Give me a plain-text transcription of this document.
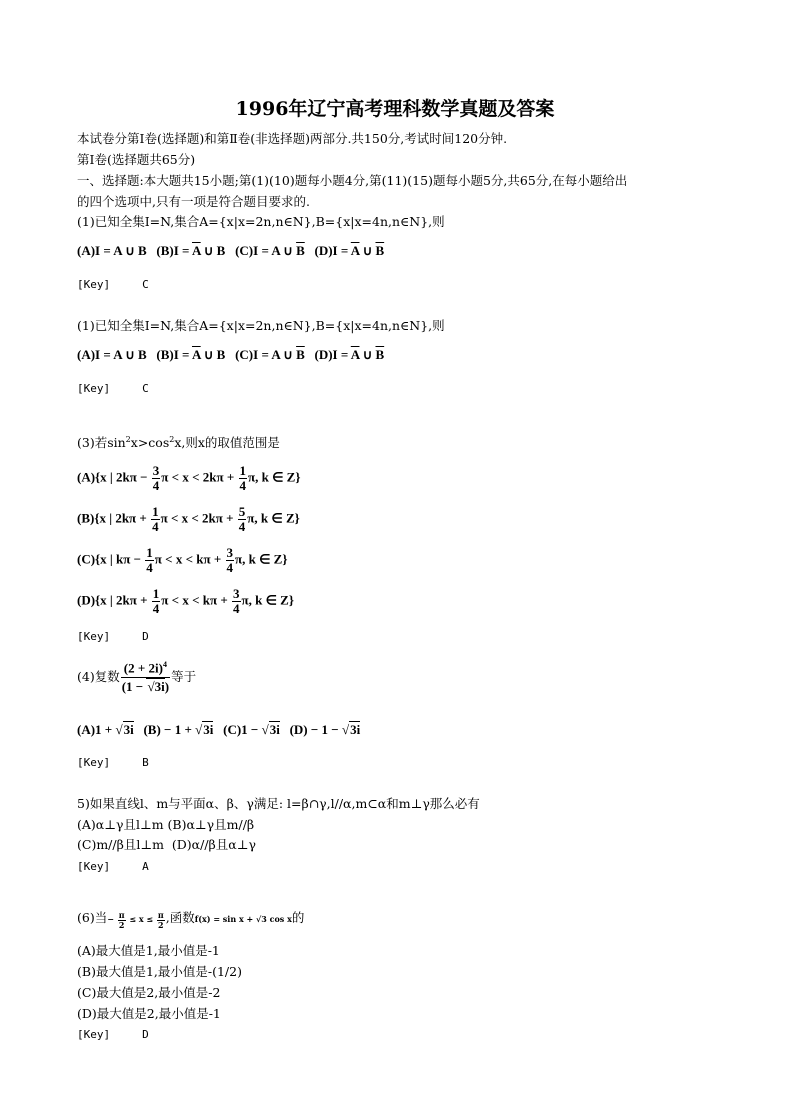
1996年辽宁高考理科数学真题及答案
本试卷分第Ⅰ卷(选择题)和第Ⅱ卷(非选择题)两部分.共150分,考试时间120分钟.
第Ⅰ卷(选择题共65分)
一、选择题:本大题共15小题;第(1)(10)题每小题4分,第(11)(15)题每小题5分,共65分,在每小题给出
的四个选项中,只有一项是符合题目要求的.
(1)已知全集I=N,集合A={x|x=2n,n∈N},B={x|x=4n,n∈N},则
(A)I = A ∪ B   $(B)I = \overline{A}$ ∪ B   (C)I = A ∪ $\overline{B}$   $(D)I = \overline{A}$ ∪ $\overline{B}$
[Key]	C
(1)已知全集I=N,集合A={x|x=2n,n∈N},B={x|x=4n,n∈N},则
(A)I = A ∪ B   $(B)I = \overline{A}$ ∪ B   (C)I = A ∪ $\overline{B}$   $(D)I = \overline{A}$ ∪ $\overline{B}$
[Key]	C
(3)若$\sin^2x>\cos^2x$,则x的取值范围是
(A){x | $2k\pi - \frac{3}{4}$ $\pi < x < 2k\pi + \frac{1}{4} \pi$, k ∈ Z}
(B){x | $2k\pi + \frac{1}{4}$ $\pi < x < 2k\pi + \frac{5}{4} \pi$, k ∈ Z}
(C){x | $k\pi - \frac{1}{4}$ $\pi < x < k\pi + \frac{3}{4} \pi$, k ∈ Z}
(D){x | $2k\pi + \frac{1}{4}$ $\pi < x < k\pi + \frac{3}{4} \pi$, k ∈ Z}
[Key]	D
(4)复数 $\frac{(2 + 2i)^4}{(1 - √3i)}$ 等于
(A)1 + √3i   (B) − 1 + √3i   (C)1 − √3i   (D) − 1 − √3i
[Key]	B
5)如果直线l、m与平面α、β、γ满足: l=β∩γ,l//α,m⊂α和m⊥γ那么必有
(A)α⊥γ且l⊥m (B)α⊥γ且m//β
(C)m//β且l⊥m (D)α//β且α⊥γ
[Key]	A
(6)当− $\frac{\pi}{2} \le x \le \frac{\pi}{2}$ ,函数f(x) = sin x + √3 cos x的
(A)最大值是1,最小值是-1
(B)最大值是1,最小值是-(1/2)
(C)最大值是2,最小值是-2
(D)最大值是2,最小值是-1
[Key]	D
